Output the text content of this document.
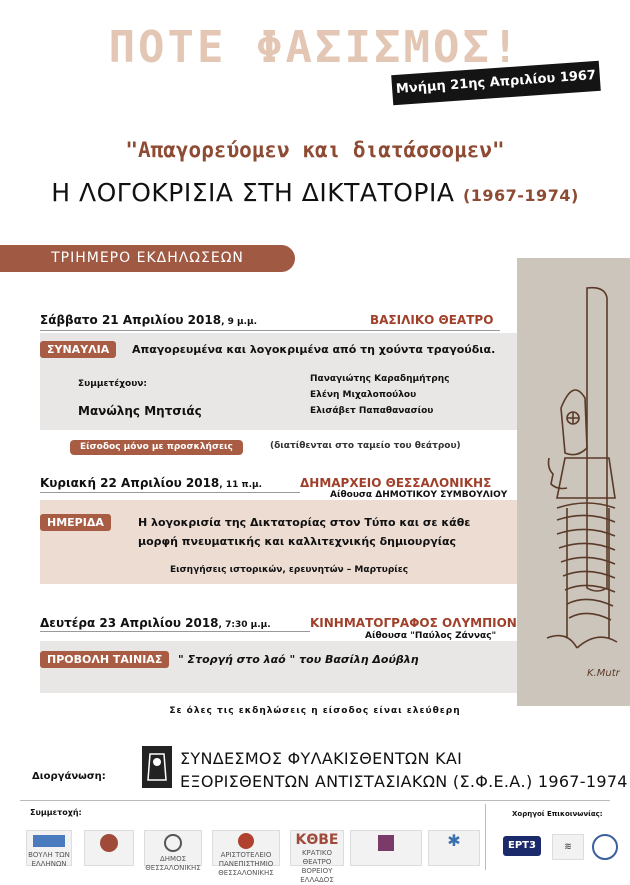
ΠΟΤΕ ΦΑΣΙΣΜΟΣ!
Μνήμη 21ης Απριλίου 1967
"Απαγορεύομεν και διατάσσομεν"
Η ΛΟΓΟΚΡΙΣΙΑ ΣΤΗ ΔΙΚΤΑΤΟΡΙΑ (1967-1974)
ΤΡΙΗΜΕΡΟ ΕΚΔΗΛΩΣΕΩΝ
Σάββατο 21 Απριλίου 2018, 9 μ.μ.	ΒΑΣΙΛΙΚΟ ΘΕΑΤΡΟ
ΣΥΝΑΥΛΙΑ	Απαγορευμένα και λογοκριμένα από τη χούντα τραγούδια.
Συμμετέχουν:
Μανώλης Μητσιάς
Παναγιώτης Καραδημήτρης
Ελένη Μιχαλοπούλου
Ελισάβετ Παπαθανασίου
Είσοδος μόνο με προσκλήσεις	(διατίθενται στο ταμείο του θεάτρου)
Κυριακή 22 Απριλίου 2018, 11 π.μ.	ΔΗΜΑΡΧΕΙΟ ΘΕΣΣΑΛΟΝΙΚΗΣ
Αίθουσα ΔΗΜΟΤΙΚΟΥ ΣΥΜΒΟΥΛΙΟΥ
ΗΜΕΡΙΔΑ	Η λογοκρισία της Δικτατορίας στον Τύπο και σε κάθε
μορφή πνευματικής και καλλιτεχνικής δημιουργίας
Εισηγήσεις ιστορικών, ερευνητών – Μαρτυρίες
Δευτέρα 23 Απριλίου 2018, 7:30 μ.μ.	ΚΙΝΗΜΑΤΟΓΡΑΦΟΣ ΟΛΥΜΠΙΟΝ
Αίθουσα "Παύλος Ζάννας"
ΠΡΟΒΟΛΗ ΤΑΙΝΙΑΣ	" Στοργή στο λαό " του Βασίλη Δούβλη
Σε όλες τις εκδηλώσεις η είσοδος είναι ελεύθερη
K.Mutr
Διοργάνωση:
ΣΥΝΔΕΣΜΟΣ ΦΥΛΑΚΙΣΘΕΝΤΩΝ ΚΑΙ
ΕΞΟΡΙΣΘΕΝΤΩΝ ΑΝΤΙΣΤΑΣΙΑΚΩΝ (Σ.Φ.Ε.Α.) 1967-1974
Συμμετοχή:	Χορηγοί Επικοινωνίας:
ΒΟΥΛΗ ΤΩΝ ΕΛΛΗΝΩΝ
ΔΗΜΟΣ ΘΕΣΣΑΛΟΝΙΚΗΣ
ΑΡΙΣΤΟΤΕΛΕΙΟ ΠΑΝΕΠΙΣΤΗΜΙΟ ΘΕΣΣΑΛΟΝΙΚΗΣ
ΚΘΒΕ
ΚΡΑΤΙΚΟ ΘΕΑΤΡΟ ΒΟΡΕΙΟΥ ΕΛΛΑΔΟΣ
✱	ΕΡΤ3	≋
